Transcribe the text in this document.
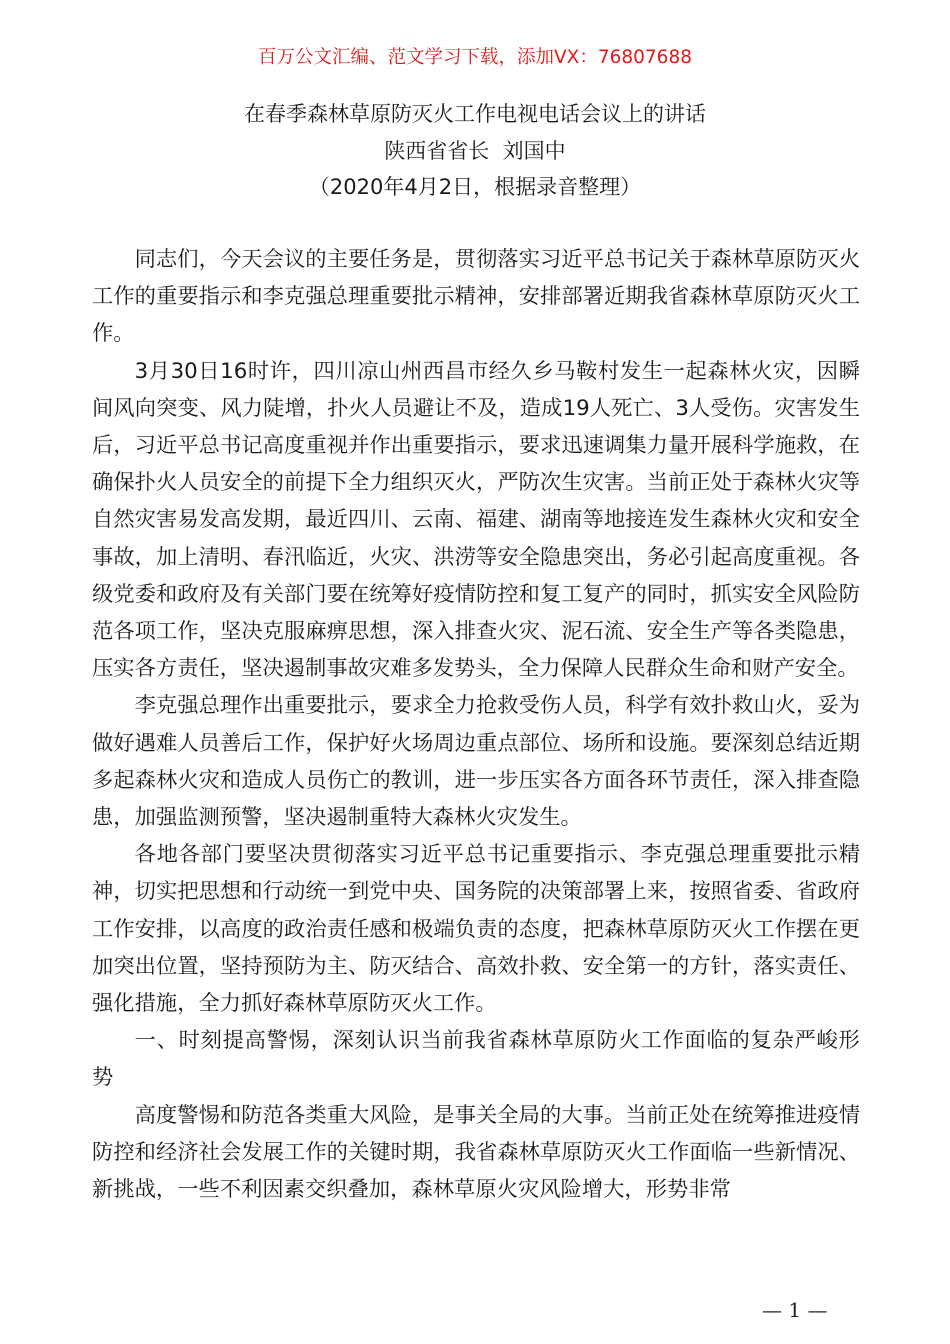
百万公文汇编、范文学习下载，添加VX：76807688
在春季森林草原防灭火工作电视电话会议上的讲话
陕西省省长  刘国中
（2020年4月2日，根据录音整理）

同志们，今天会议的主要任务是，贯彻落实习近平总书记关于森林草原防灭火工作的重要指示和李克强总理重要批示精神，安排部署近期我省森林草原防灭火工作。

3月30日16时许，四川凉山州西昌市经久乡马鞍村发生一起森林火灾，因瞬间风向突变、风力陡增，扑火人员避让不及，造成19人死亡、3人受伤。灾害发生后，习近平总书记高度重视并作出重要指示，要求迅速调集力量开展科学施救，在确保扑火人员安全的前提下全力组织灭火，严防次生灾害。当前正处于森林火灾等自然灾害易发高发期，最近四川、云南、福建、湖南等地接连发生森林火灾和安全事故，加上清明、春汛临近，火灾、洪涝等安全隐患突出，务必引起高度重视。各级党委和政府及有关部门要在统筹好疫情防控和复工复产的同时，抓实安全风险防范各项工作，坚决克服麻痹思想，深入排查火灾、泥石流、安全生产等各类隐患，压实各方责任，坚决遏制事故灾难多发势头，全力保障人民群众生命和财产安全。

李克强总理作出重要批示，要求全力抢救受伤人员，科学有效扑救山火，妥为做好遇难人员善后工作，保护好火场周边重点部位、场所和设施。要深刻总结近期多起森林火灾和造成人员伤亡的教训，进一步压实各方面各环节责任，深入排查隐患，加强监测预警，坚决遏制重特大森林火灾发生。

各地各部门要坚决贯彻落实习近平总书记重要指示、李克强总理重要批示精神，切实把思想和行动统一到党中央、国务院的决策部署上来，按照省委、省政府工作安排，以高度的政治责任感和极端负责的态度，把森林草原防灭火工作摆在更加突出位置，坚持预防为主、防灭结合、高效扑救、安全第一的方针，落实责任、强化措施，全力抓好森林草原防灭火工作。

一、时刻提高警惕，深刻认识当前我省森林草原防火工作面临的复杂严峻形势

高度警惕和防范各类重大风险，是事关全局的大事。当前正处在统筹推进疫情防控和经济社会发展工作的关键时期，我省森林草原防灭火工作面临一些新情况、新挑战，一些不利因素交织叠加，森林草原火灾风险增大，形势非常

— 1 —
